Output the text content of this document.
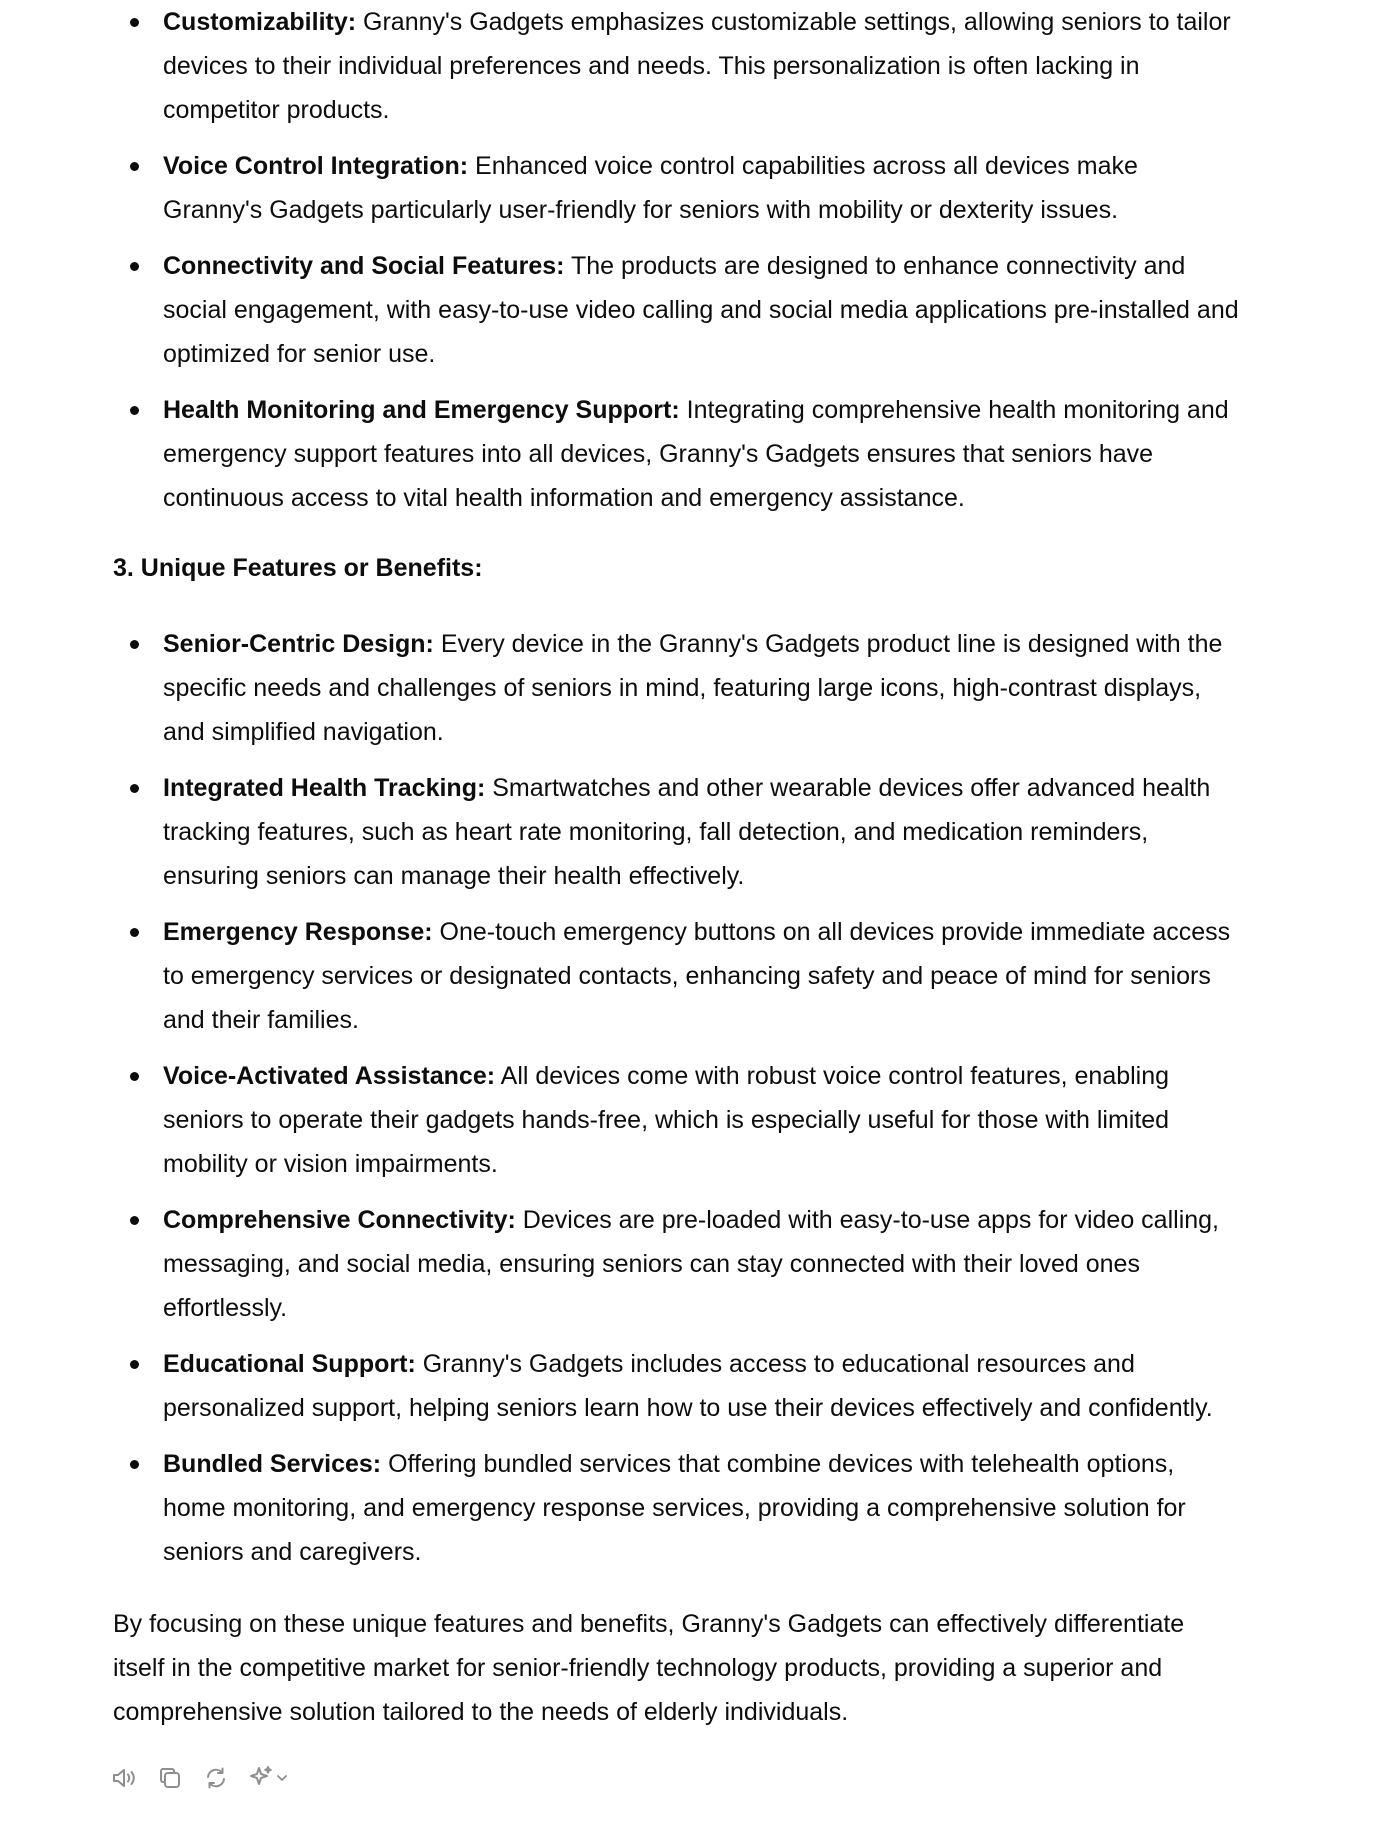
Customizability: Granny's Gadgets emphasizes customizable settings, allowing seniors to tailor devices to their individual preferences and needs. This personalization is often lacking in competitor products.
Voice Control Integration: Enhanced voice control capabilities across all devices make Granny's Gadgets particularly user-friendly for seniors with mobility or dexterity issues.
Connectivity and Social Features: The products are designed to enhance connectivity and social engagement, with easy-to-use video calling and social media applications pre-installed and optimized for senior use.
Health Monitoring and Emergency Support: Integrating comprehensive health monitoring and emergency support features into all devices, Granny's Gadgets ensures that seniors have continuous access to vital health information and emergency assistance.
3. Unique Features or Benefits:
Senior-Centric Design: Every device in the Granny's Gadgets product line is designed with the specific needs and challenges of seniors in mind, featuring large icons, high-contrast displays, and simplified navigation.
Integrated Health Tracking: Smartwatches and other wearable devices offer advanced health tracking features, such as heart rate monitoring, fall detection, and medication reminders, ensuring seniors can manage their health effectively.
Emergency Response: One-touch emergency buttons on all devices provide immediate access to emergency services or designated contacts, enhancing safety and peace of mind for seniors and their families.
Voice-Activated Assistance: All devices come with robust voice control features, enabling seniors to operate their gadgets hands-free, which is especially useful for those with limited mobility or vision impairments.
Comprehensive Connectivity: Devices are pre-loaded with easy-to-use apps for video calling, messaging, and social media, ensuring seniors can stay connected with their loved ones effortlessly.
Educational Support: Granny's Gadgets includes access to educational resources and personalized support, helping seniors learn how to use their devices effectively and confidently.
Bundled Services: Offering bundled services that combine devices with telehealth options, home monitoring, and emergency response services, providing a comprehensive solution for seniors and caregivers.

By focusing on these unique features and benefits, Granny's Gadgets can effectively differentiate itself in the competitive market for senior-friendly technology products, providing a superior and comprehensive solution tailored to the needs of elderly individuals.
